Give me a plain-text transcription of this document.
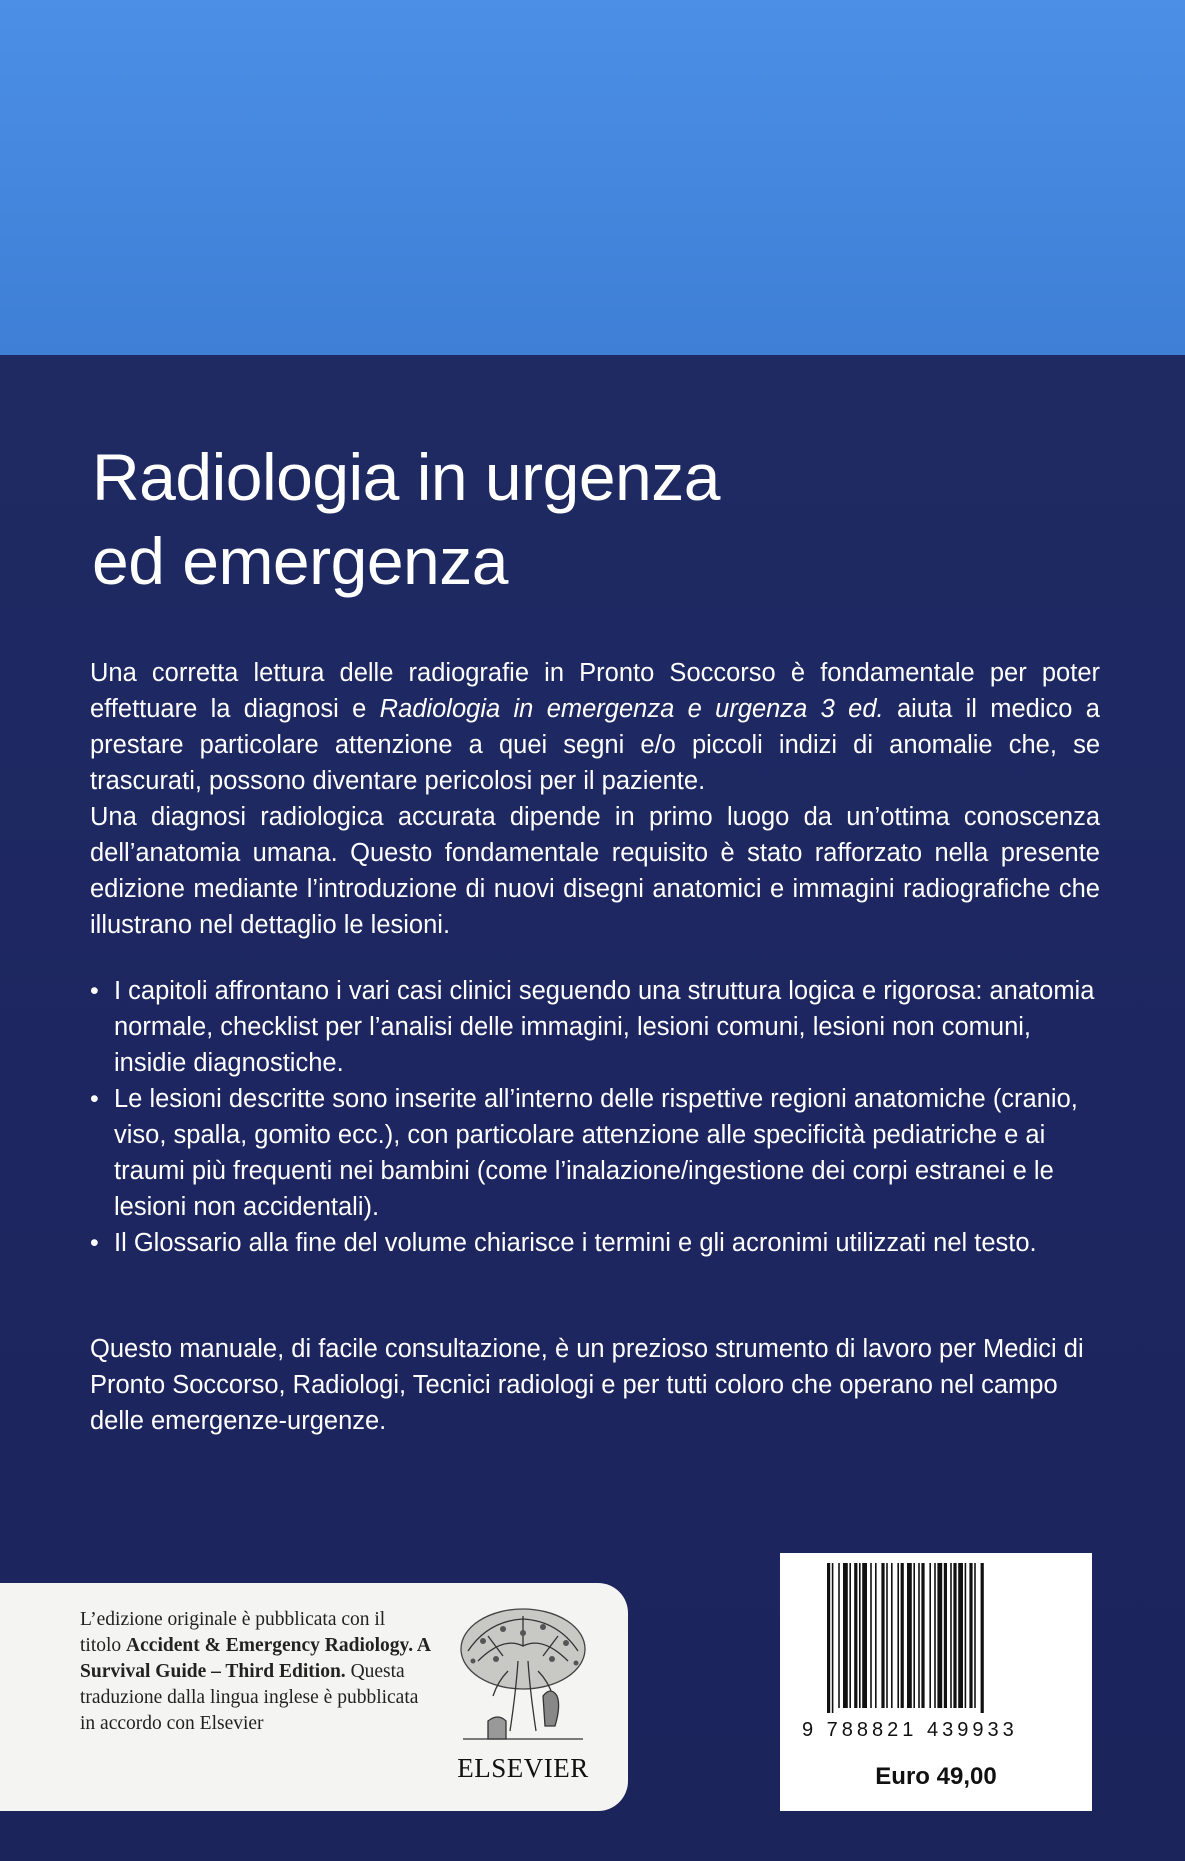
Radiologia in urgenza
ed emergenza

Una corretta lettura delle radiografie in Pronto Soccorso è fondamentale per poter effettuare la diagnosi e Radiologia in emergenza e urgenza 3 ed. aiuta il medico a prestare particolare attenzione a quei segni e/o piccoli indizi di anomalie che, se trascurati, possono diventare pericolosi per il paziente.

Una diagnosi radiologica accurata dipende in primo luogo da un’ottima conoscenza dell’anatomia umana. Questo fondamentale requisito è stato rafforzato nella presente edizione mediante l’introduzione di nuovi disegni anatomici e immagini radiografiche che illustrano nel dettaglio le lesioni.

• I capitoli affrontano i vari casi clinici seguendo una struttura logica e rigorosa: anatomia normale, checklist per l’analisi delle immagini, lesioni comuni, lesioni non comuni, insidie diagnostiche.
• Le lesioni descritte sono inserite all’interno delle rispettive regioni anatomiche (cranio, viso, spalla, gomito ecc.), con particolare attenzione alle specificità pediatriche e ai traumi più frequenti nei bambini (come l’inalazione/ingestione dei corpi estranei e le lesioni non accidentali).
• Il Glossario alla fine del volume chiarisce i termini e gli acronimi utilizzati nel testo.

Questo manuale, di facile consultazione, è un prezioso strumento di lavoro per Medici di Pronto Soccorso, Radiologi, Tecnici radiologi e per tutti coloro che operano nel campo delle emergenze-urgenze.

L’edizione originale è pubblicata con il titolo Accident & Emergency Radiology. A Survival Guide – Third Edition. Questa traduzione dalla lingua inglese è pubblicata in accordo con Elsevier
ELSEVIER
9 788821 439933
Euro 49,00
